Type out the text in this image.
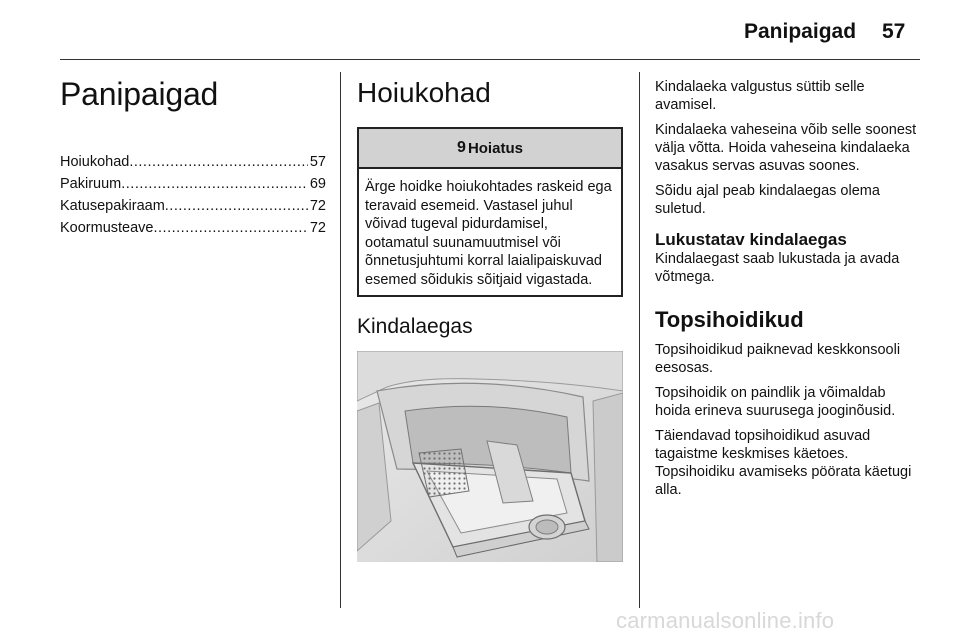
Panipaigad 57
Panipaigad
Hoiukohad .....	57
Pakiruum .....	69
Katusepakiraam .....	72
Koormusteave .....	72
Hoiukohad
9 Hoiatus
Ärge hoidke hoiukohtades raskeid ega teravaid esemeid. Vastasel juhul võivad tugeval pidurdamisel, ootamatul suunamuutmisel või õnnetusjuhtumi korral laialipaiskuvad esemed sõidukis sõitjaid vigastada.
Kindalaegas

Kindalaeka valgustus süttib selle avamisel.

Kindalaeka vaheseina võib selle soonest välja võtta. Hoida vaheseina kindalaeka vasakus servas asuvas soones.

Sõidu ajal peab kindalaegas olema suletud.

Lukustatav kindalaegas

Kindalaegast saab lukustada ja avada võtmega.

Topsihoidikud

Topsihoidikud paiknevad keskkonsooli eesosas.

Topsihoidik on paindlik ja võimaldab hoida erineva suurusega jooginõusid.

Täiendavad topsihoidikud asuvad tagaistme keskmises käetoes. Topsihoidiku avamiseks pöörata käetugi alla.

carmanualsonline.info
